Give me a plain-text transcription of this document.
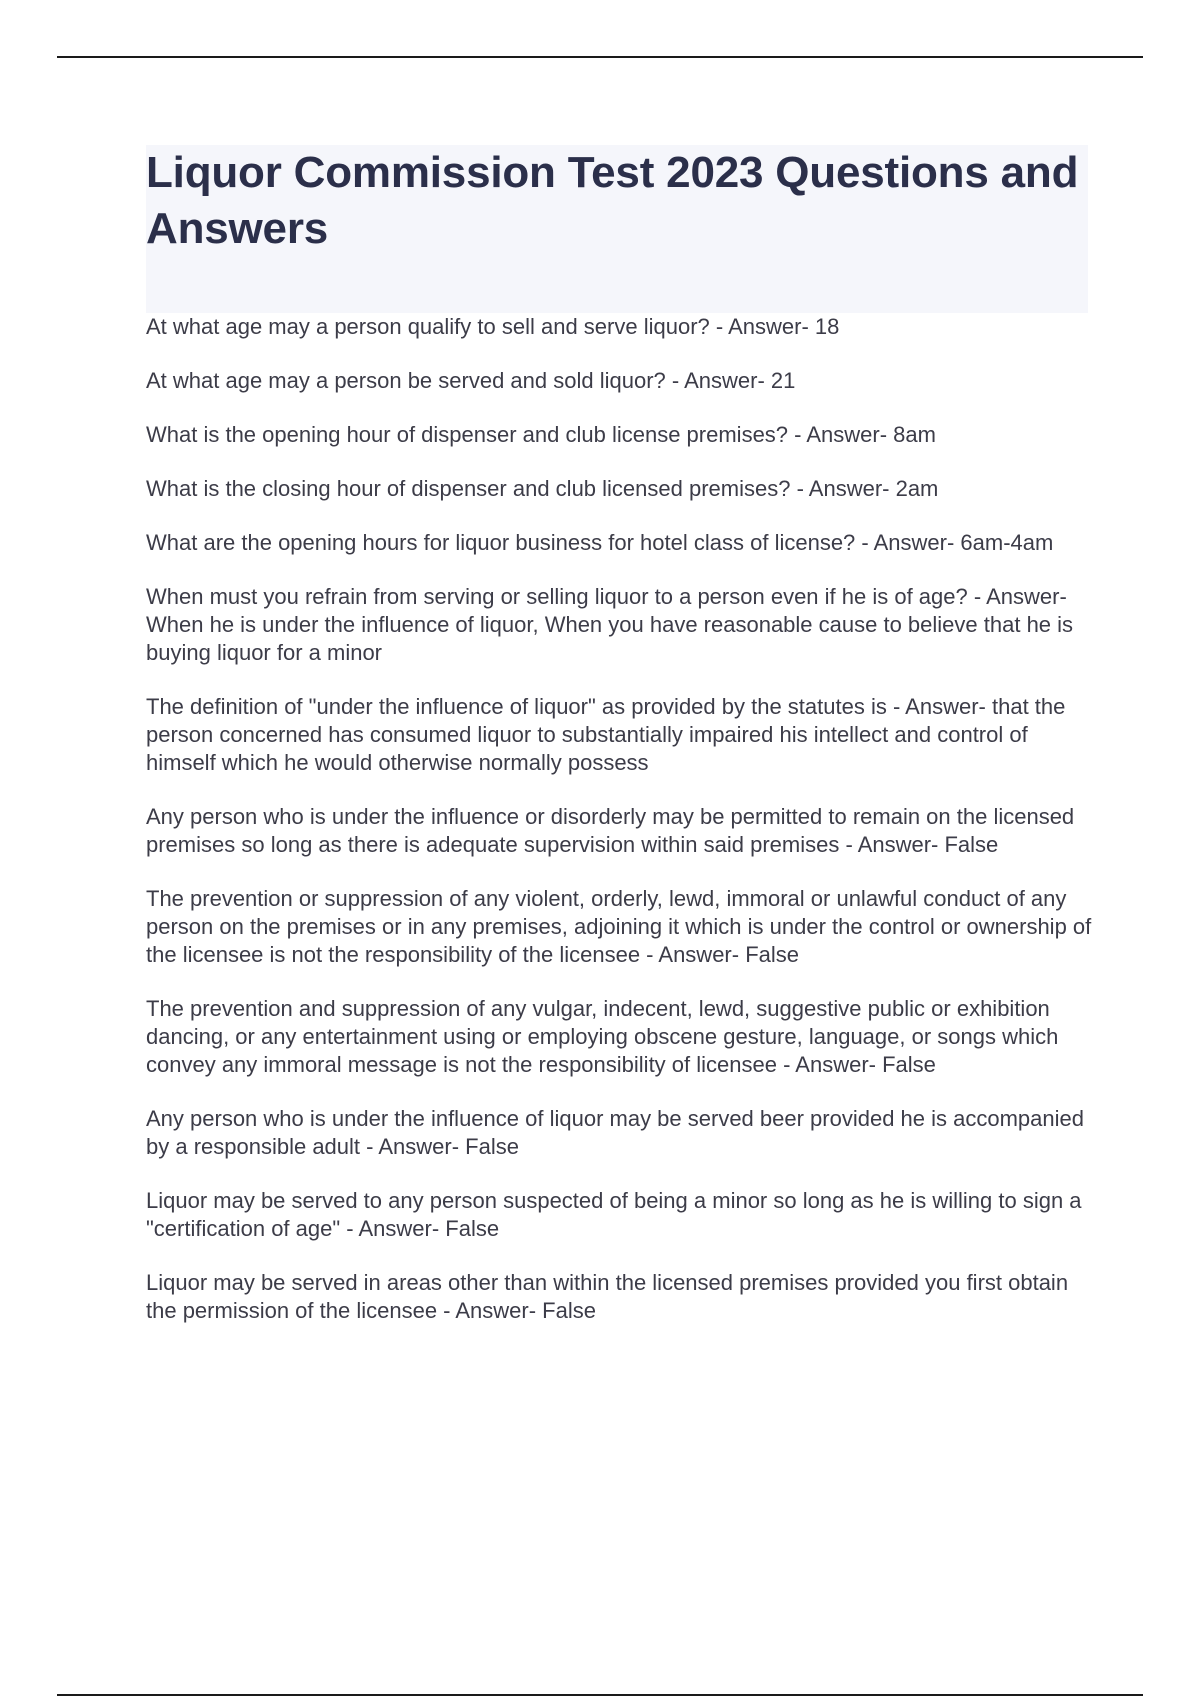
Liquor Commission Test 2023 Questions and Answers

At what age may a person qualify to sell and serve liquor? - Answer- 18

At what age may a person be served and sold liquor? - Answer- 21

What is the opening hour of dispenser and club license premises? - Answer- 8am

What is the closing hour of dispenser and club licensed premises? - Answer- 2am

What are the opening hours for liquor business for hotel class of license? - Answer- 6am-4am

When must you refrain from serving or selling liquor to a person even if he is of age? - Answer- When he is under the influence of liquor, When you have reasonable cause to believe that he is buying liquor for a minor

The definition of "under the influence of liquor" as provided by the statutes is - Answer- that the person concerned has consumed liquor to substantially impaired his intellect and control of himself which he would otherwise normally possess

Any person who is under the influence or disorderly may be permitted to remain on the licensed premises so long as there is adequate supervision within said premises - Answer- False

The prevention or suppression of any violent, orderly, lewd, immoral or unlawful conduct of any person on the premises or in any premises, adjoining it which is under the control or ownership of the licensee is not the responsibility of the licensee - Answer- False

The prevention and suppression of any vulgar, indecent, lewd, suggestive public or exhibition dancing, or any entertainment using or employing obscene gesture, language, or songs which convey any immoral message is not the responsibility of licensee - Answer- False

Any person who is under the influence of liquor may be served beer provided he is accompanied by a responsible adult - Answer- False

Liquor may be served to any person suspected of being a minor so long as he is willing to sign a "certification of age" - Answer- False

Liquor may be served in areas other than within the licensed premises provided you first obtain the permission of the licensee - Answer- False
